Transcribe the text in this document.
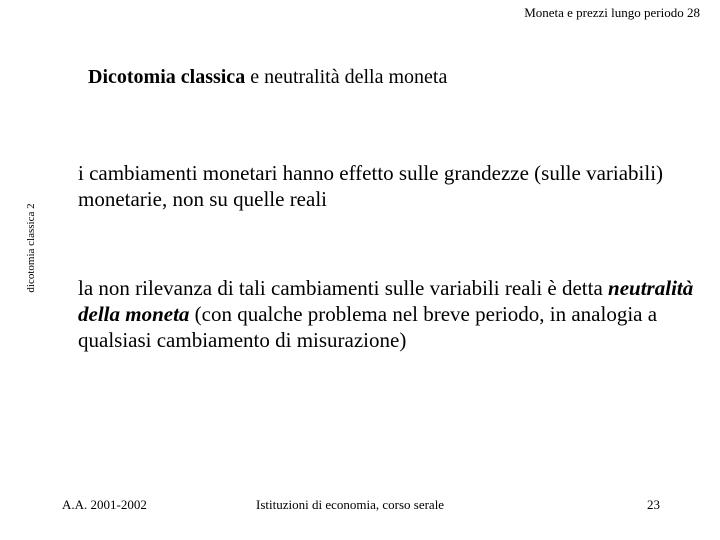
Moneta e prezzi lungo periodo 28
Dicotomia classica e neutralità della moneta
dicotomia classica 2
i cambiamenti monetari hanno effetto sulle grandezze (sulle variabili) monetarie, non su quelle reali
la non rilevanza di tali cambiamenti sulle variabili reali è detta neutralità della moneta (con qualche problema nel breve periodo, in analogia a qualsiasi cambiamento di misurazione)
A.A. 2001-2002	Istituzioni di economia, corso serale	23
